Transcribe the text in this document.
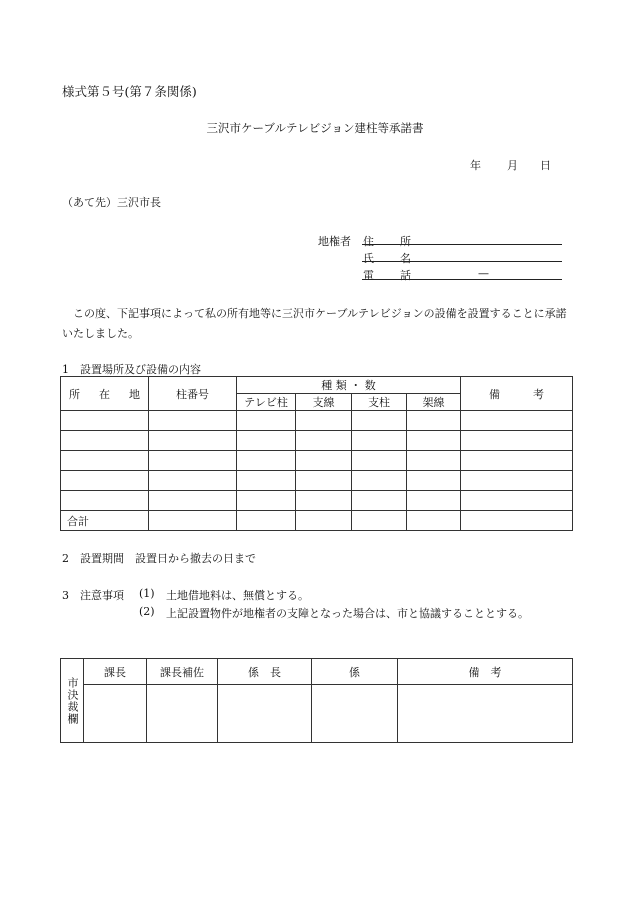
様式第５号(第７条関係)
三沢市ケーブルテレビジョン建柱等承諾書
年 月 日
（あて先）三沢市長
地権者 住 所
氏 名
電 話	—
この度、下記事項によって私の所有地等に三沢市ケーブルテレビジョンの設備を設置することに承諾いたしました。
1　設置場所及び設備の内容
所 在 地	柱番号	種 類 ・ 数				備 考

		テレビ柱	支線	支柱	架線	

合計						
2　設置期間　設置日から撤去の日まで
3　注意事項 (1) 土地借地料は、無償とする。
(2) 上記設置物件が地権者の支障となった場合は、市と協議することとする。
市決裁欄	課長	課長補佐	係　長	係	備　考
